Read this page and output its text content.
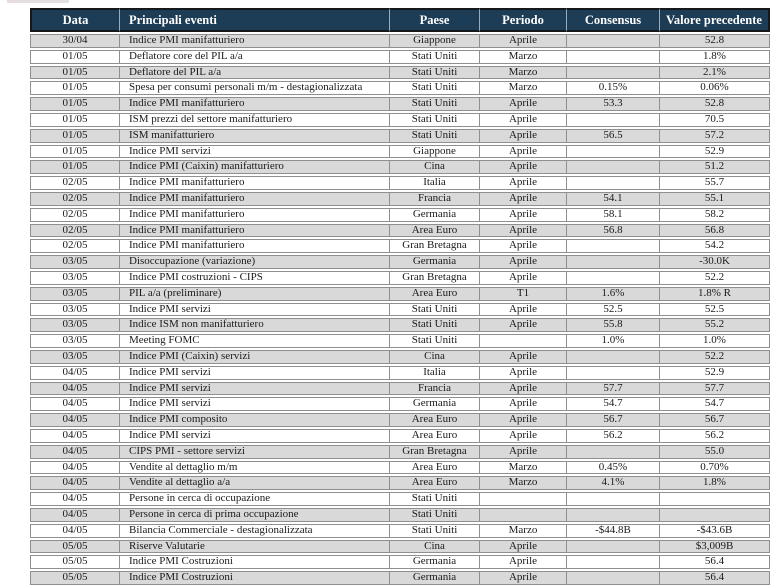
Data	Principali eventi	Paese	Periodo	Consensus	Valore precedente
30/04	Indice PMI manifatturiero	Giappone	Aprile		52.8
01/05	Deflatore core del PIL a/a	Stati Uniti	Marzo		1.8%
01/05	Deflatore del PIL a/a	Stati Uniti	Marzo		2.1%
01/05	Spesa per consumi personali m/m - destagionalizzata	Stati Uniti	Marzo	0.15%	0.06%
01/05	Indice PMI manifatturiero	Stati Uniti	Aprile	53.3	52.8
01/05	ISM prezzi del settore manifatturiero	Stati Uniti	Aprile		70.5
01/05	ISM manifatturiero	Stati Uniti	Aprile	56.5	57.2
01/05	Indice PMI servizi	Giappone	Aprile		52.9
01/05	Indice PMI (Caixin) manifatturiero	Cina	Aprile		51.2
02/05	Indice PMI manifatturiero	Italia	Aprile		55.7
02/05	Indice PMI manifatturiero	Francia	Aprile	54.1	55.1
02/05	Indice PMI manifatturiero	Germania	Aprile	58.1	58.2
02/05	Indice PMI manifatturiero	Area Euro	Aprile	56.8	56.8
02/05	Indice PMI manifatturiero	Gran Bretagna	Aprile		54.2
03/05	Disoccupazione (variazione)	Germania	Aprile		-30.0K
03/05	Indice PMI costruzioni - CIPS	Gran Bretagna	Aprile		52.2
03/05	PIL a/a (preliminare)	Area Euro	T1	1.6%	1.8% R
03/05	Indice PMI servizi	Stati Uniti	Aprile	52.5	52.5
03/05	Indice ISM non manifatturiero	Stati Uniti	Aprile	55.8	55.2
03/05	Meeting FOMC	Stati Uniti		1.0%	1.0%
03/05	Indice PMI (Caixin) servizi	Cina	Aprile		52.2
04/05	Indice PMI servizi	Italia	Aprile		52.9
04/05	Indice PMI servizi	Francia	Aprile	57.7	57.7
04/05	Indice PMI servizi	Germania	Aprile	54.7	54.7
04/05	Indice PMI composito	Area Euro	Aprile	56.7	56.7
04/05	Indice PMI servizi	Area Euro	Aprile	56.2	56.2
04/05	CIPS PMI - settore servizi	Gran Bretagna	Aprile		55.0
04/05	Vendite al dettaglio m/m	Area Euro	Marzo	0.45%	0.70%
04/05	Vendite al dettaglio a/a	Area Euro	Marzo	4.1%	1.8%
04/05	Persone in cerca di occupazione	Stati Uniti			
04/05	Persone in cerca di prima occupazione	Stati Uniti			
04/05	Bilancia Commerciale - destagionalizzata	Stati Uniti	Marzo	-$44.8B	-$43.6B
05/05	Riserve Valutarie	Cina	Aprile		$3,009B
05/05	Indice PMI Costruzioni	Germania	Aprile		56.4
05/05	Indice PMI Costruzioni	Germania	Aprile		56.4
